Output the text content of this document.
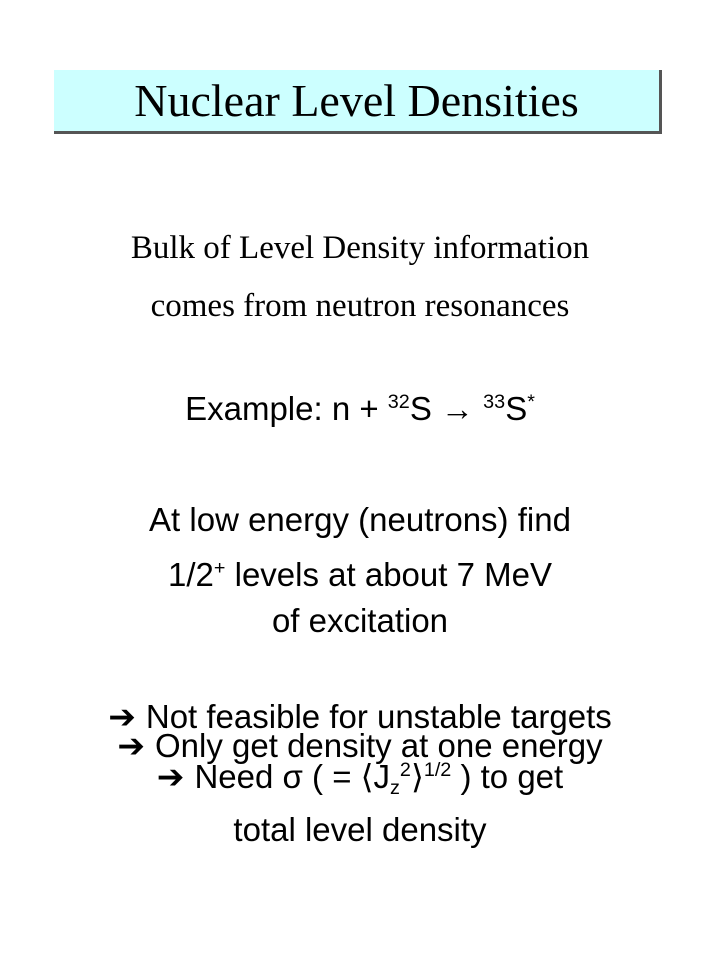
Nuclear Level Densities
Bulk of Level Density information
comes from neutron resonances
Example: n + $^{32}$S → $^{33}$S*
At low energy (neutrons) find
1/2+ levels at about 7 MeV
of excitation
➔ Not feasible for unstable targets
➔ Only get density at one energy
➔ Need σ ( = $⟨J_z^2⟩^{1/2}$ ) to get
total level density
